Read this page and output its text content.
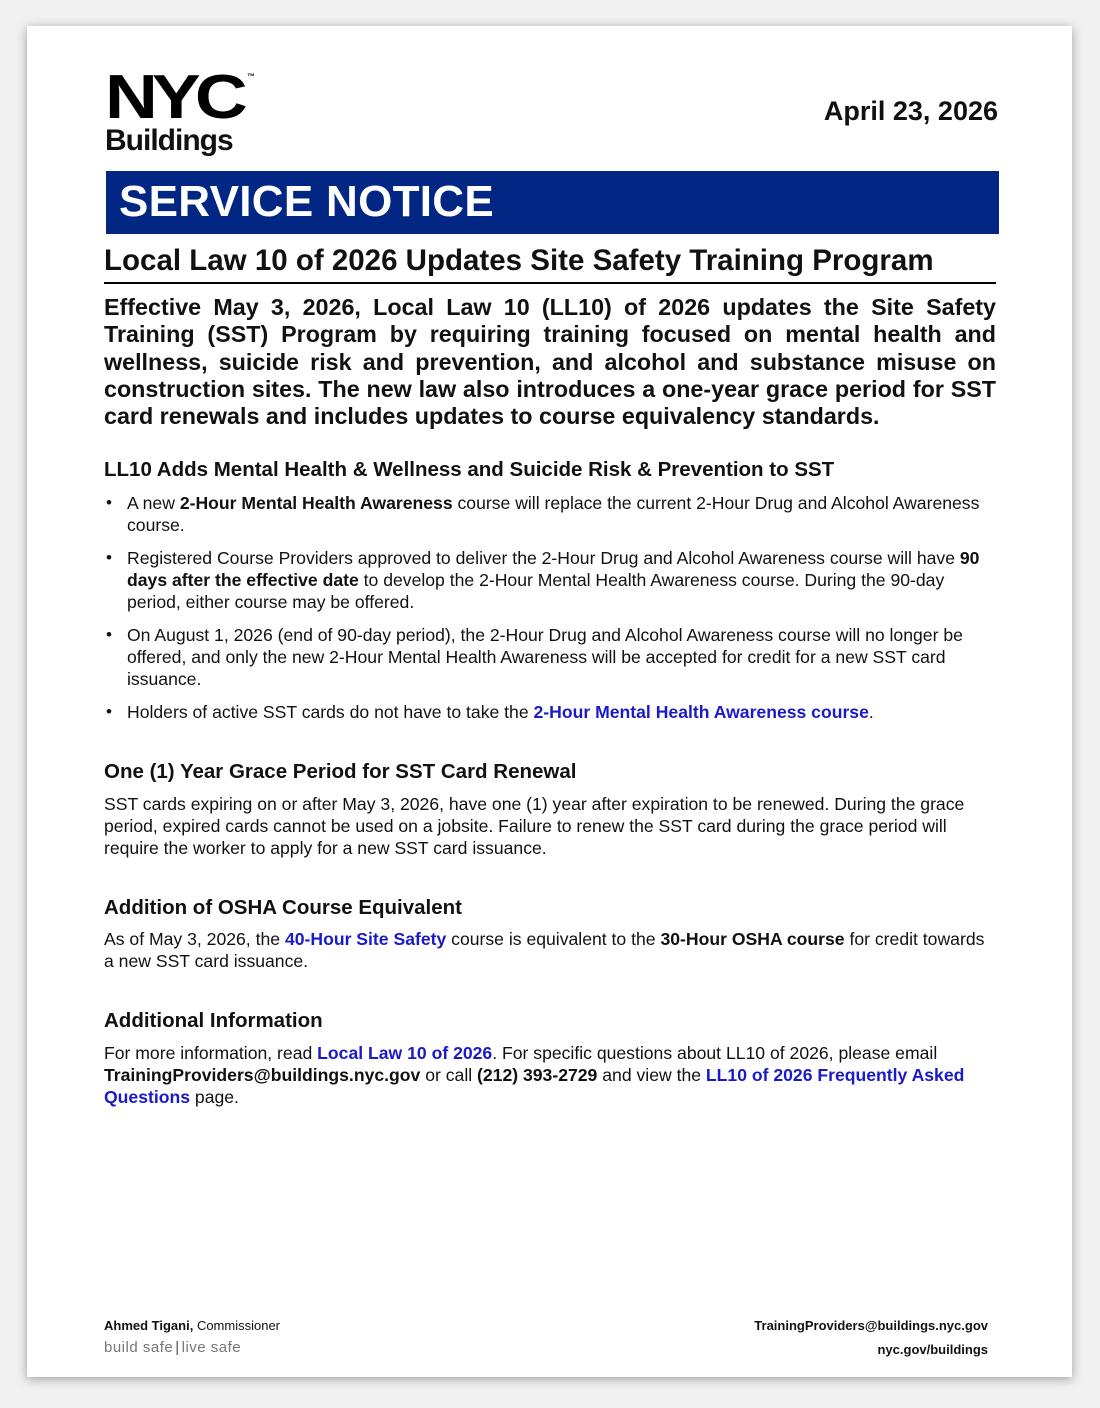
NYC ™
Buildings
April 23, 2026
SERVICE NOTICE
Local Law 10 of 2026 Updates Site Safety Training Program

Effective May 3, 2026, Local Law 10 (LL10) of 2026 updates the Site Safety Training (SST) Program by requiring training focused on mental health and wellness, suicide risk and prevention, and alcohol and substance misuse on construction sites. The new law also introduces a one-year grace period for SST card renewals and includes updates to course equivalency standards.

LL10 Adds Mental Health & Wellness and Suicide Risk & Prevention to SST
• A new 2-Hour Mental Health Awareness course will replace the current 2-Hour Drug and Alcohol Awareness course.
• Registered Course Providers approved to deliver the 2-Hour Drug and Alcohol Awareness course will have 90 days after the effective date to develop the 2-Hour Mental Health Awareness course. During the 90-day period, either course may be offered.
• On August 1, 2026 (end of 90-day period), the 2-Hour Drug and Alcohol Awareness course will no longer be offered, and only the new 2-Hour Mental Health Awareness will be accepted for credit for a new SST card issuance.
• Holders of active SST cards do not have to take the 2-Hour Mental Health Awareness course.
One (1) Year Grace Period for SST Card Renewal

SST cards expiring on or after May 3, 2026, have one (1) year after expiration to be renewed. During the grace period, expired cards cannot be used on a jobsite. Failure to renew the SST card during the grace period will require the worker to apply for a new SST card issuance.

Addition of OSHA Course Equivalent

As of May 3, 2026, the 40-Hour Site Safety course is equivalent to the 30-Hour OSHA course for credit towards a new SST card issuance.

Additional Information

For more information, read Local Law 10 of 2026. For specific questions about LL10 of 2026, please email TrainingProviders@buildings.nyc.gov or call (212) 393-2729 and view the LL10 of 2026 Frequently Asked Questions page.

Ahmed Tigani, Commissioner
build safe | live safe
TrainingProviders@buildings.nyc.gov
nyc.gov/buildings
